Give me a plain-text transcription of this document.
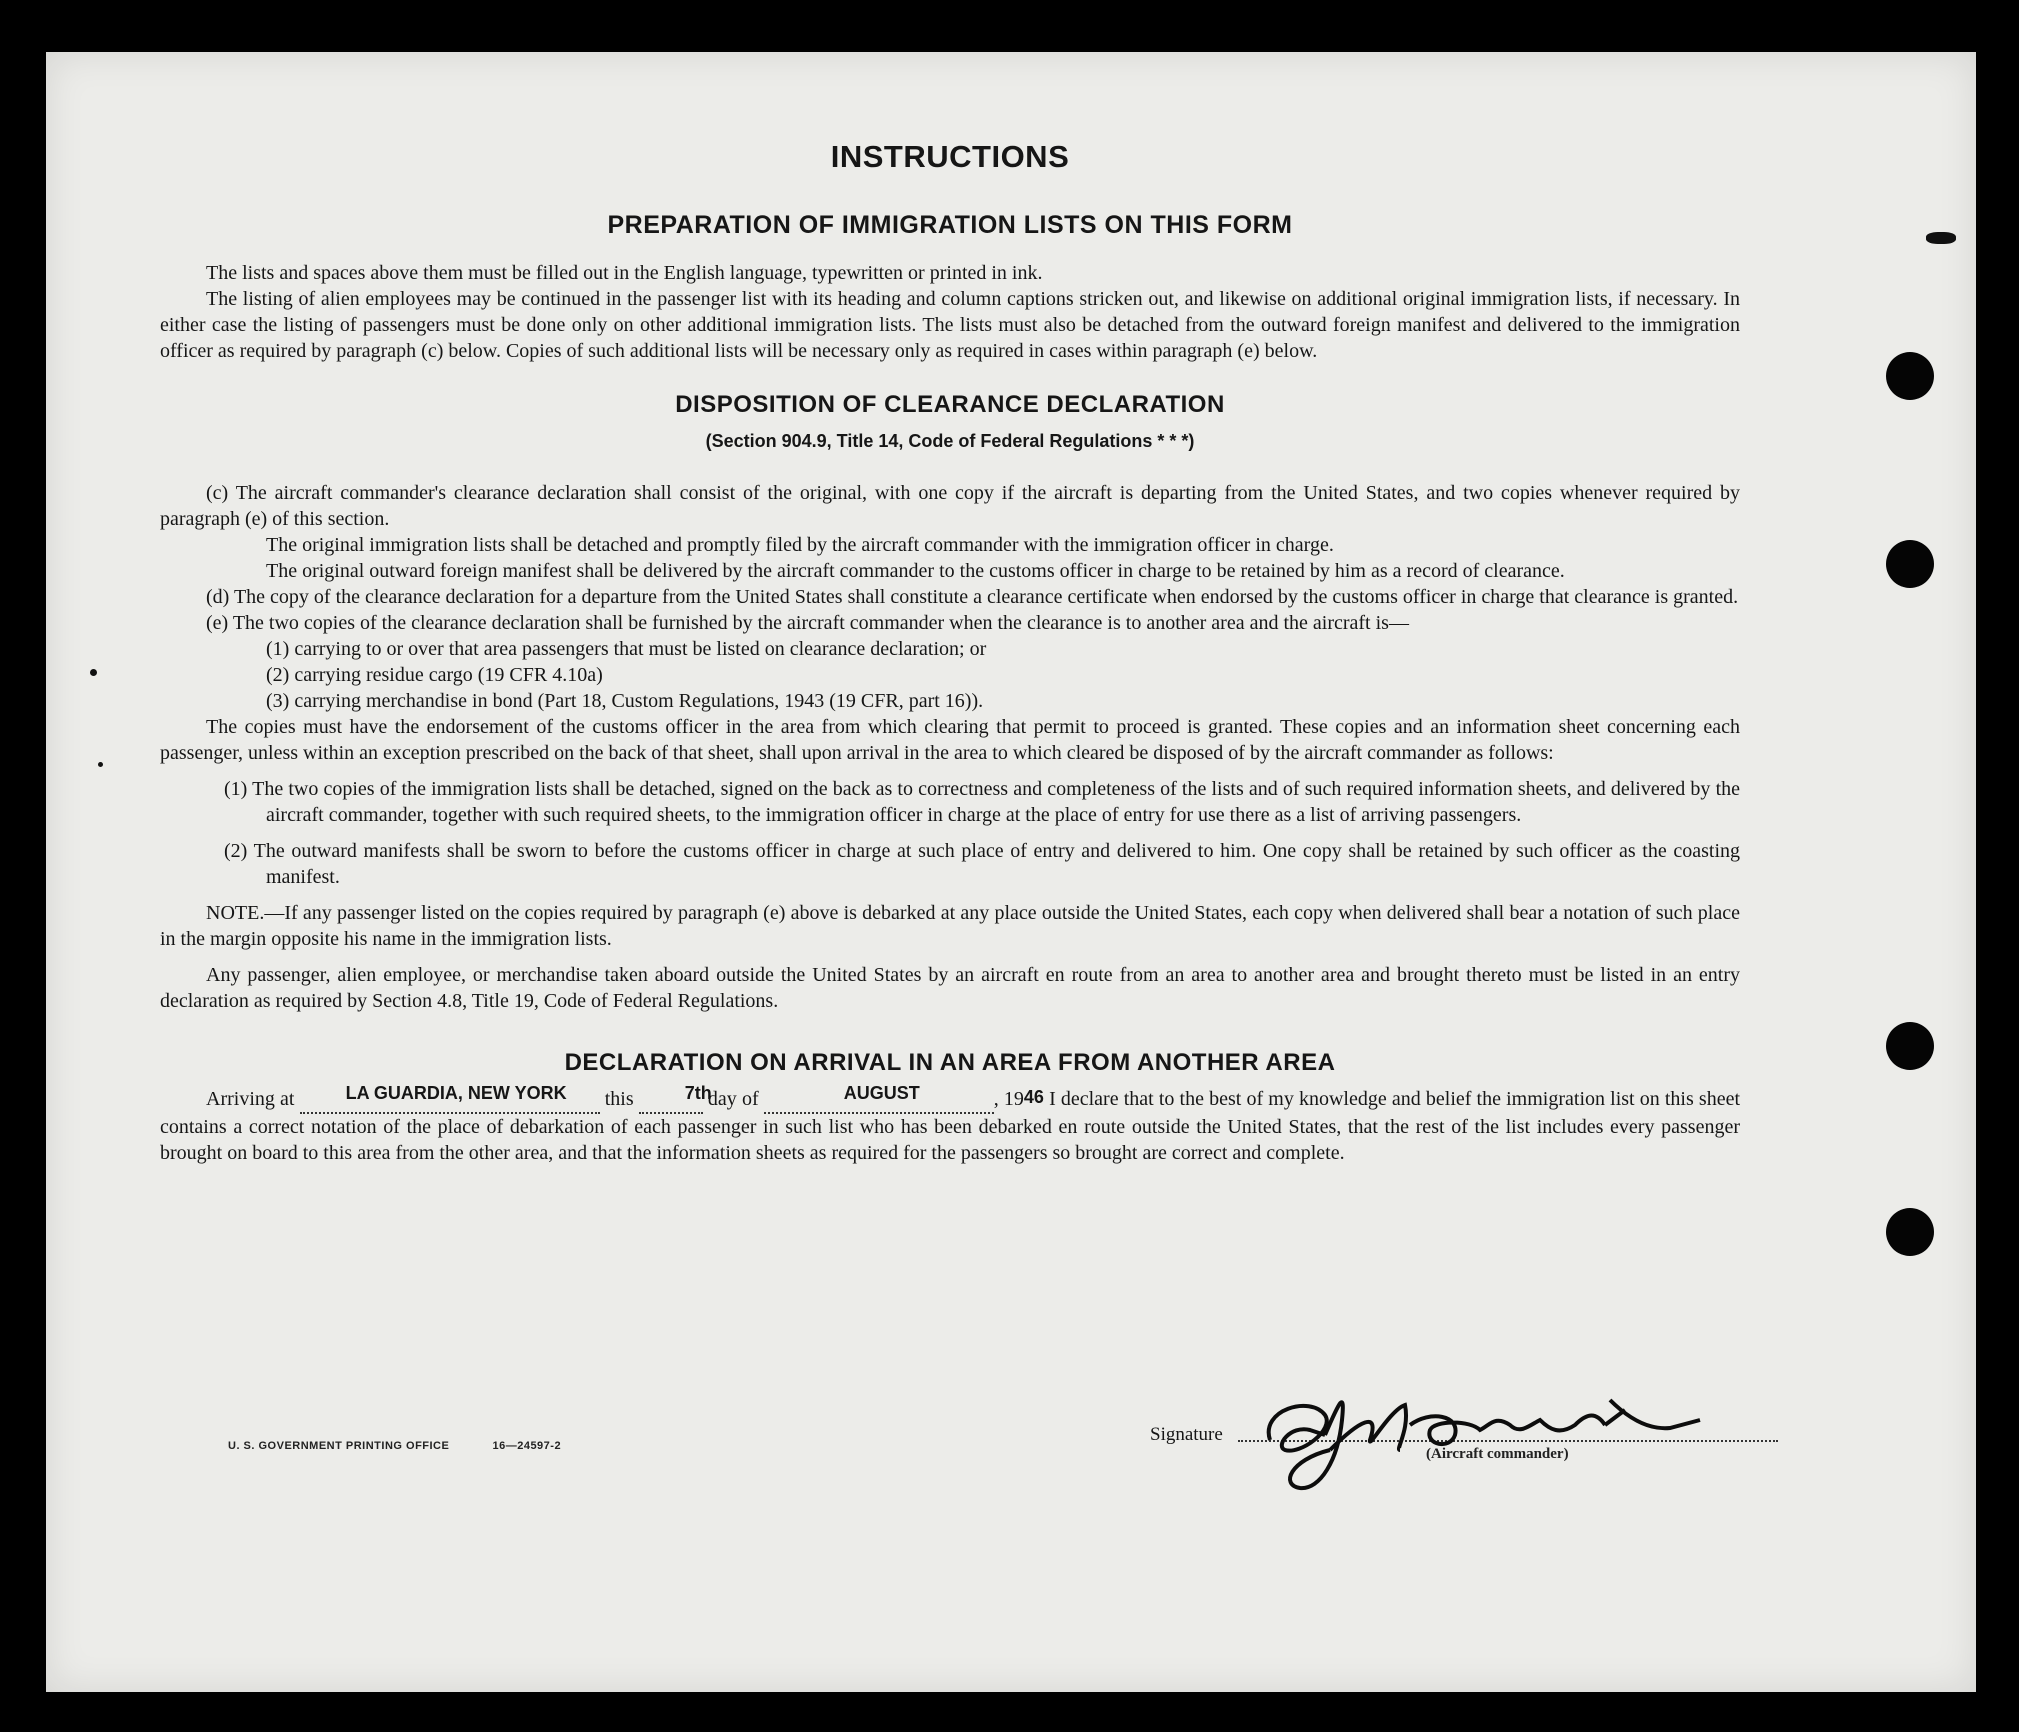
INSTRUCTIONS
PREPARATION OF IMMIGRATION LISTS ON THIS FORM

The lists and spaces above them must be filled out in the English language, typewritten or printed in ink.

The listing of alien employees may be continued in the passenger list with its heading and column captions stricken out, and likewise on additional original immigration lists, if necessary. In either case the listing of passengers must be done only on other additional immigration lists. The lists must also be detached from the outward foreign manifest and delivered to the immigration officer as required by paragraph (c) below. Copies of such additional lists will be necessary only as required in cases within paragraph (e) below.

DISPOSITION OF CLEARANCE DECLARATION
(Section 904.9, Title 14, Code of Federal Regulations * * *)

(c) The aircraft commander's clearance declaration shall consist of the original, with one copy if the aircraft is departing from the United States, and two copies whenever required by paragraph (e) of this section.

The original immigration lists shall be detached and promptly filed by the aircraft commander with the immigration officer in charge.

The original outward foreign manifest shall be delivered by the aircraft commander to the customs officer in charge to be retained by him as a record of clearance.

(d) The copy of the clearance declaration for a departure from the United States shall constitute a clearance certificate when endorsed by the customs officer in charge that clearance is granted.

(e) The two copies of the clearance declaration shall be furnished by the aircraft commander when the clearance is to another area and the aircraft is—

(1) carrying to or over that area passengers that must be listed on clearance declaration; or

(2) carrying residue cargo (19 CFR 4.10a)

(3) carrying merchandise in bond (Part 18, Custom Regulations, 1943 (19 CFR, part 16)).

The copies must have the endorsement of the customs officer in the area from which clearing that permit to proceed is granted. These copies and an information sheet concerning each passenger, unless within an exception prescribed on the back of that sheet, shall upon arrival in the area to which cleared be disposed of by the aircraft commander as follows:

(1) The two copies of the immigration lists shall be detached, signed on the back as to correctness and completeness of the lists and of such required information sheets, and delivered by the aircraft commander, together with such required sheets, to the immigration officer in charge at the place of entry for use there as a list of arriving passengers.

(2) The outward manifests shall be sworn to before the customs officer in charge at such place of entry and delivered to him. One copy shall be retained by such officer as the coasting manifest.

NOTE.—If any passenger listed on the copies required by paragraph (e) above is debarked at any place outside the United States, each copy when delivered shall bear a notation of such place in the margin opposite his name in the immigration lists.

Any passenger, alien employee, or merchandise taken aboard outside the United States by an aircraft en route from an area to another area and brought thereto must be listed in an entry declaration as required by Section 4.8, Title 19, Code of Federal Regulations.

DECLARATION ON ARRIVAL IN AN AREA FROM ANOTHER AREA

Arriving at	LA GUARDIA, NEW YORK this	7th day of	AUGUST	, 1946 I declare that to the best of my knowledge and belief the immigration list on this sheet contains a correct notation of the place of debarkation of each passenger in such list who has been debarked en route outside the United States, that the rest of the list includes every passenger brought on board to this area from the other area, and that the information sheets as required for the passengers so brought are correct and complete.

U. S. GOVERNMENT PRINTING OFFICE	16—24597-2
Signature
(Aircraft commander)
